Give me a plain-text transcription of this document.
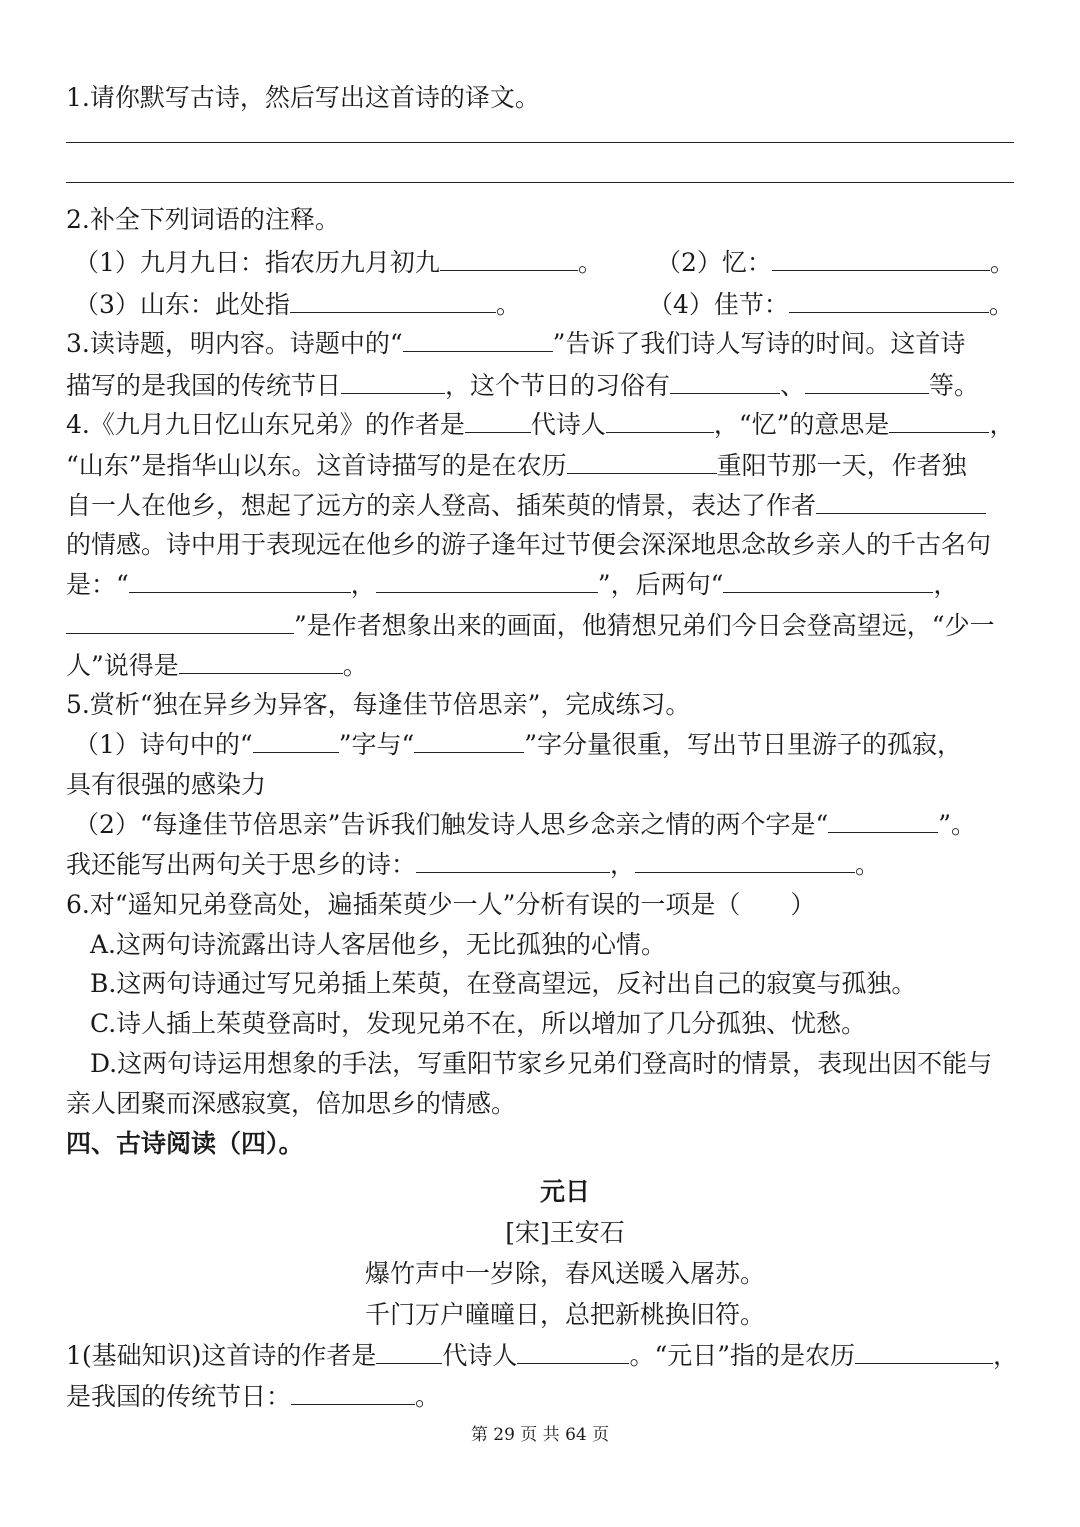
1.请你默写古诗，然后写出这首诗的译文。
2.补全下列词语的注释。
（1）九月九日：指农历九月初九	。	（2）忆：	。
（3）山东：此处指	。	（4）佳节：	。
3.读诗题，明内容。诗题中的“	”告诉了我们诗人写诗的时间。这首诗
描写的是我国的传统节日	，这个节日的习俗有	、	等。
4.《九月九日忆山东兄弟》的作者是	代诗人	，“忆”的意思是	，
“山东”是指华山以东。这首诗描写的是在农历	重阳节那一天，作者独
自一人在他乡，想起了远方的亲人登高、插茱萸的情景，表达了作者
的情感。诗中用于表现远在他乡的游子逢年过节便会深深地思念故乡亲人的千古名句
是：“	，	”，后两句“	，
”是作者想象出来的画面，他猜想兄弟们今日会登高望远，“少一
人”说得是	。
5.赏析“独在异乡为异客，每逢佳节倍思亲”，完成练习。
（1）诗句中的“	”字与“	”字分量很重，写出节日里游子的孤寂，
具有很强的感染力
（2）“每逢佳节倍思亲”告诉我们触发诗人思乡念亲之情的两个字是“	”。
我还能写出两句关于思乡的诗：	，	。
6.对“遥知兄弟登高处，遍插茱萸少一人”分析有误的一项是（　　）
A.这两句诗流露出诗人客居他乡，无比孤独的心情。
B.这两句诗通过写兄弟插上茱萸，在登高望远，反衬出自己的寂寞与孤独。
C.诗人插上茱萸登高时，发现兄弟不在，所以增加了几分孤独、忧愁。
D.这两句诗运用想象的手法，写重阳节家乡兄弟们登高时的情景，表现出因不能与
亲人团聚而深感寂寞，倍加思乡的情感。
四、古诗阅读（四）。
元日
[宋]王安石
爆竹声中一岁除，春风送暖入屠苏。
千门万户曈曈日，总把新桃换旧符。
1(基础知识)这首诗的作者是	代诗人	。“元日”指的是农历	，
是我国的传统节日：	。
第 29 页 共 64 页
